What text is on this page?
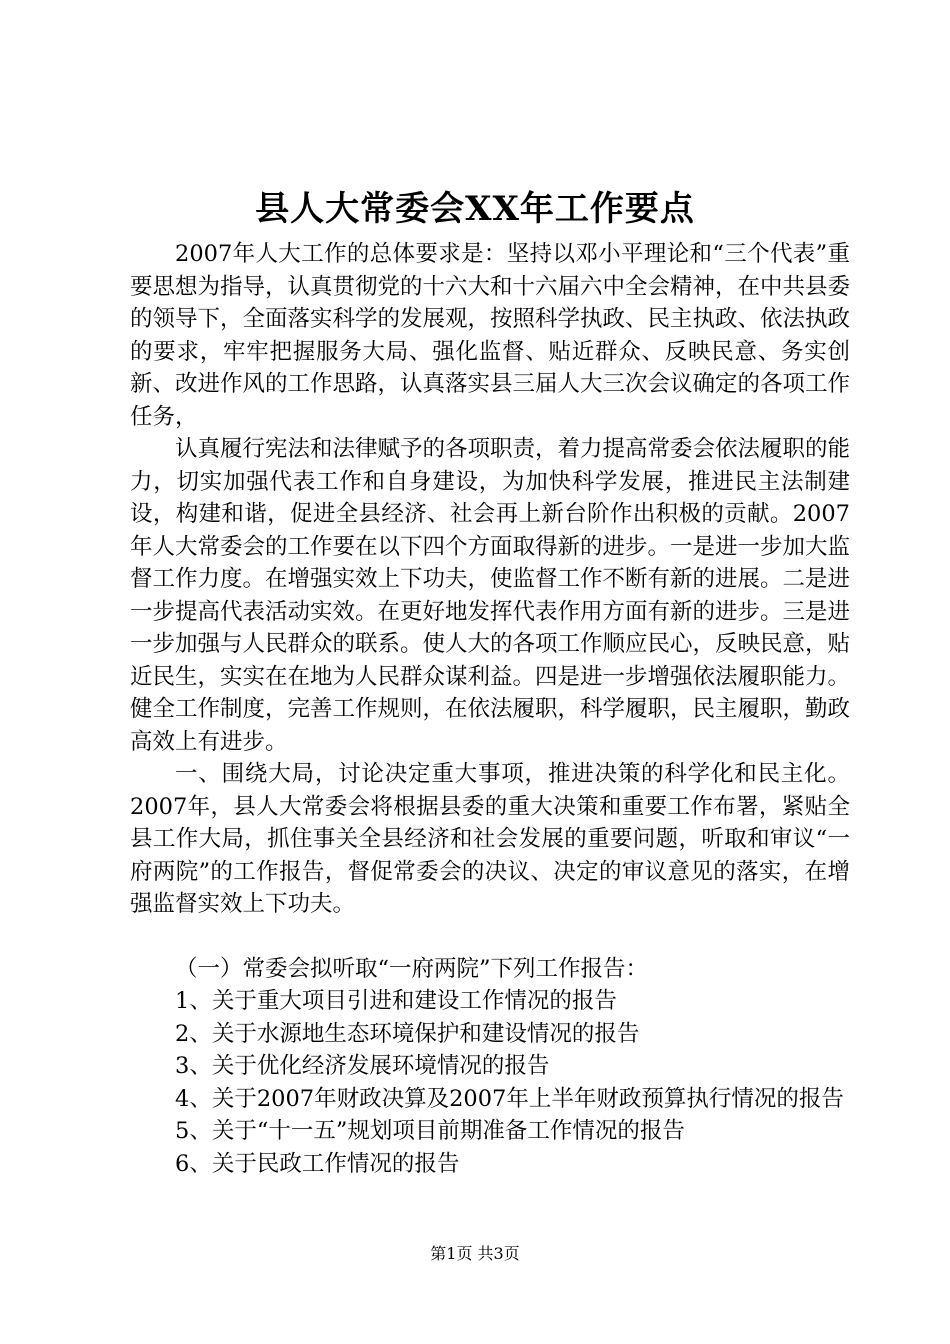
县人大常委会XX年工作要点

2007年人大工作的总体要求是：坚持以邓小平理论和“三个代表”重要思想为指导，认真贯彻党的十六大和十六届六中全会精神，在中共县委的领导下，全面落实科学的发展观，按照科学执政、民主执政、依法执政的要求，牢牢把握服务大局、强化监督、贴近群众、反映民意、务实创新、改进作风的工作思路，认真落实县三届人大三次会议确定的各项工作任务，

认真履行宪法和法律赋予的各项职责，着力提高常委会依法履职的能力，切实加强代表工作和自身建设，为加快科学发展，推进民主法制建设，构建和谐，促进全县经济、社会再上新台阶作出积极的贡献。2007年人大常委会的工作要在以下四个方面取得新的进步。一是进一步加大监督工作力度。在增强实效上下功夫，使监督工作不断有新的进展。二是进一步提高代表活动实效。在更好地发挥代表作用方面有新的进步。三是进一步加强与人民群众的联系。使人大的各项工作顺应民心，反映民意，贴近民生，实实在在地为人民群众谋利益。四是进一步增强依法履职能力。健全工作制度，完善工作规则，在依法履职，科学履职，民主履职，勤政高效上有进步。

一、围绕大局，讨论决定重大事项，推进决策的科学化和民主化。2007年，县人大常委会将根据县委的重大决策和重要工作布署，紧贴全县工作大局，抓住事关全县经济和社会发展的重要问题，听取和审议“一府两院”的工作报告，督促常委会的决议、决定的审议意见的落实，在增强监督实效上下功夫。

（一）常委会拟听取“一府两院”下列工作报告：

1、关于重大项目引进和建设工作情况的报告

2、关于水源地生态环境保护和建设情况的报告

3、关于优化经济发展环境情况的报告

4、关于2007年财政决算及2007年上半年财政预算执行情况的报告

5、关于“十一五”规划项目前期准备工作情况的报告

6、关于民政工作情况的报告

第1页 共3页
